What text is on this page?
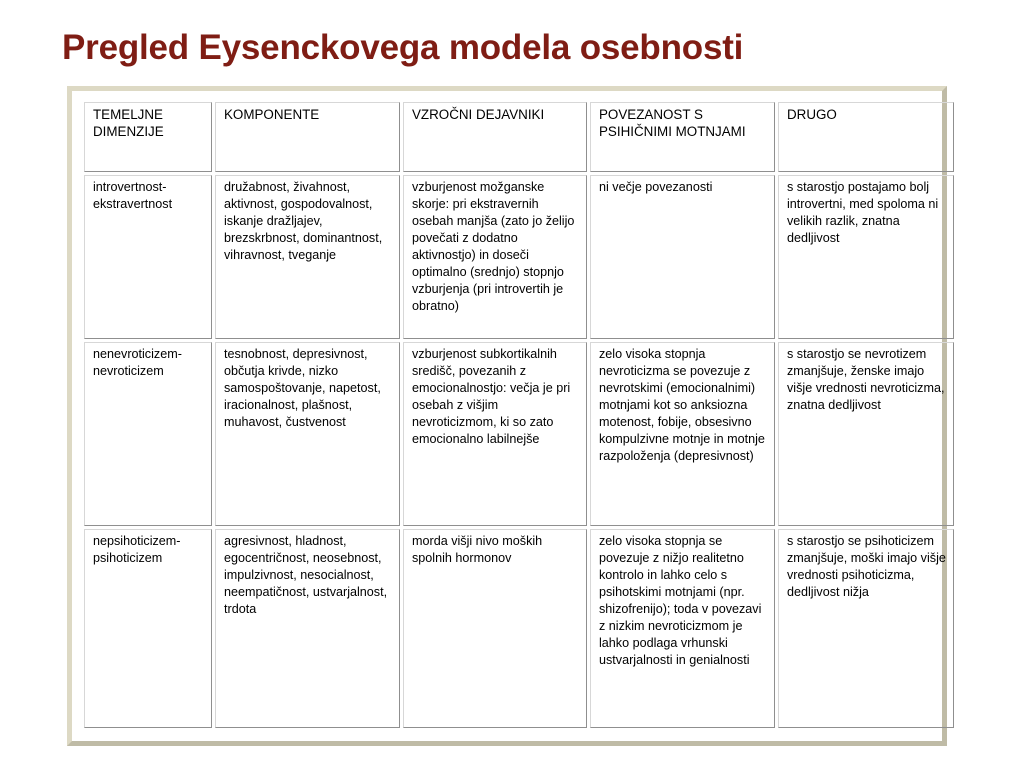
Pregled Eysenckovega modela osebnosti
TEMELJNE DIMENZIJE	KOMPONENTE	VZROČNI DEJAVNIKI	POVEZANOST S PSIHIČNIMI MOTNJAMI	DRUGO
introvertnost-ekstravertnost	družabnost, živahnost, aktivnost, gospodovalnost, iskanje dražljajev, brezskrbnost, dominantnost, vihravnost, tveganje	vzburjenost možganske skorje: pri ekstravernih osebah manjša (zato jo želijo povečati z dodatno aktivnostjo) in doseči optimalno (srednjo) stopnjo vzburjenja (pri introvertih je obratno)	ni večje povezanosti	s starostjo postajamo bolj introvertni, med spoloma ni velikih razlik, znatna dedljivost
nenevroticizem-nevroticizem	tesnobnost, depresivnost, občutja krivde, nizko samospoštovanje, napetost, iracionalnost, plašnost, muhavost, čustvenost	vzburjenost subkortikalnih središč, povezanih z emocionalnostjo: večja je pri osebah z višjim nevroticizmom, ki so zato emocionalno labilnejše	zelo visoka stopnja nevroticizma se povezuje z nevrotskimi (emocionalnimi) motnjami kot so anksiozna motenost, fobije, obsesivno kompulzivne motnje in motnje razpoloženja (depresivnost)	s starostjo se nevrotizem zmanjšuje, ženske imajo višje vrednosti nevroticizma, znatna dedljivost
nepsihoticizem-psihoticizem	agresivnost, hladnost, egocentričnost, neosebnost, impulzivnost, nesocialnost, neempatičnost, ustvarjalnost, trdota	morda višji nivo moških spolnih hormonov	zelo visoka stopnja se povezuje z nižjo realitetno kontrolo in lahko celo s psihotskimi motnjami (npr. shizofrenijo); toda v povezavi z nizkim nevroticizmom je lahko podlaga vrhunski ustvarjalnosti in genialnosti	s starostjo se psihoticizem zmanjšuje, moški imajo višje vrednosti psihoticizma, dedljivost nižja
